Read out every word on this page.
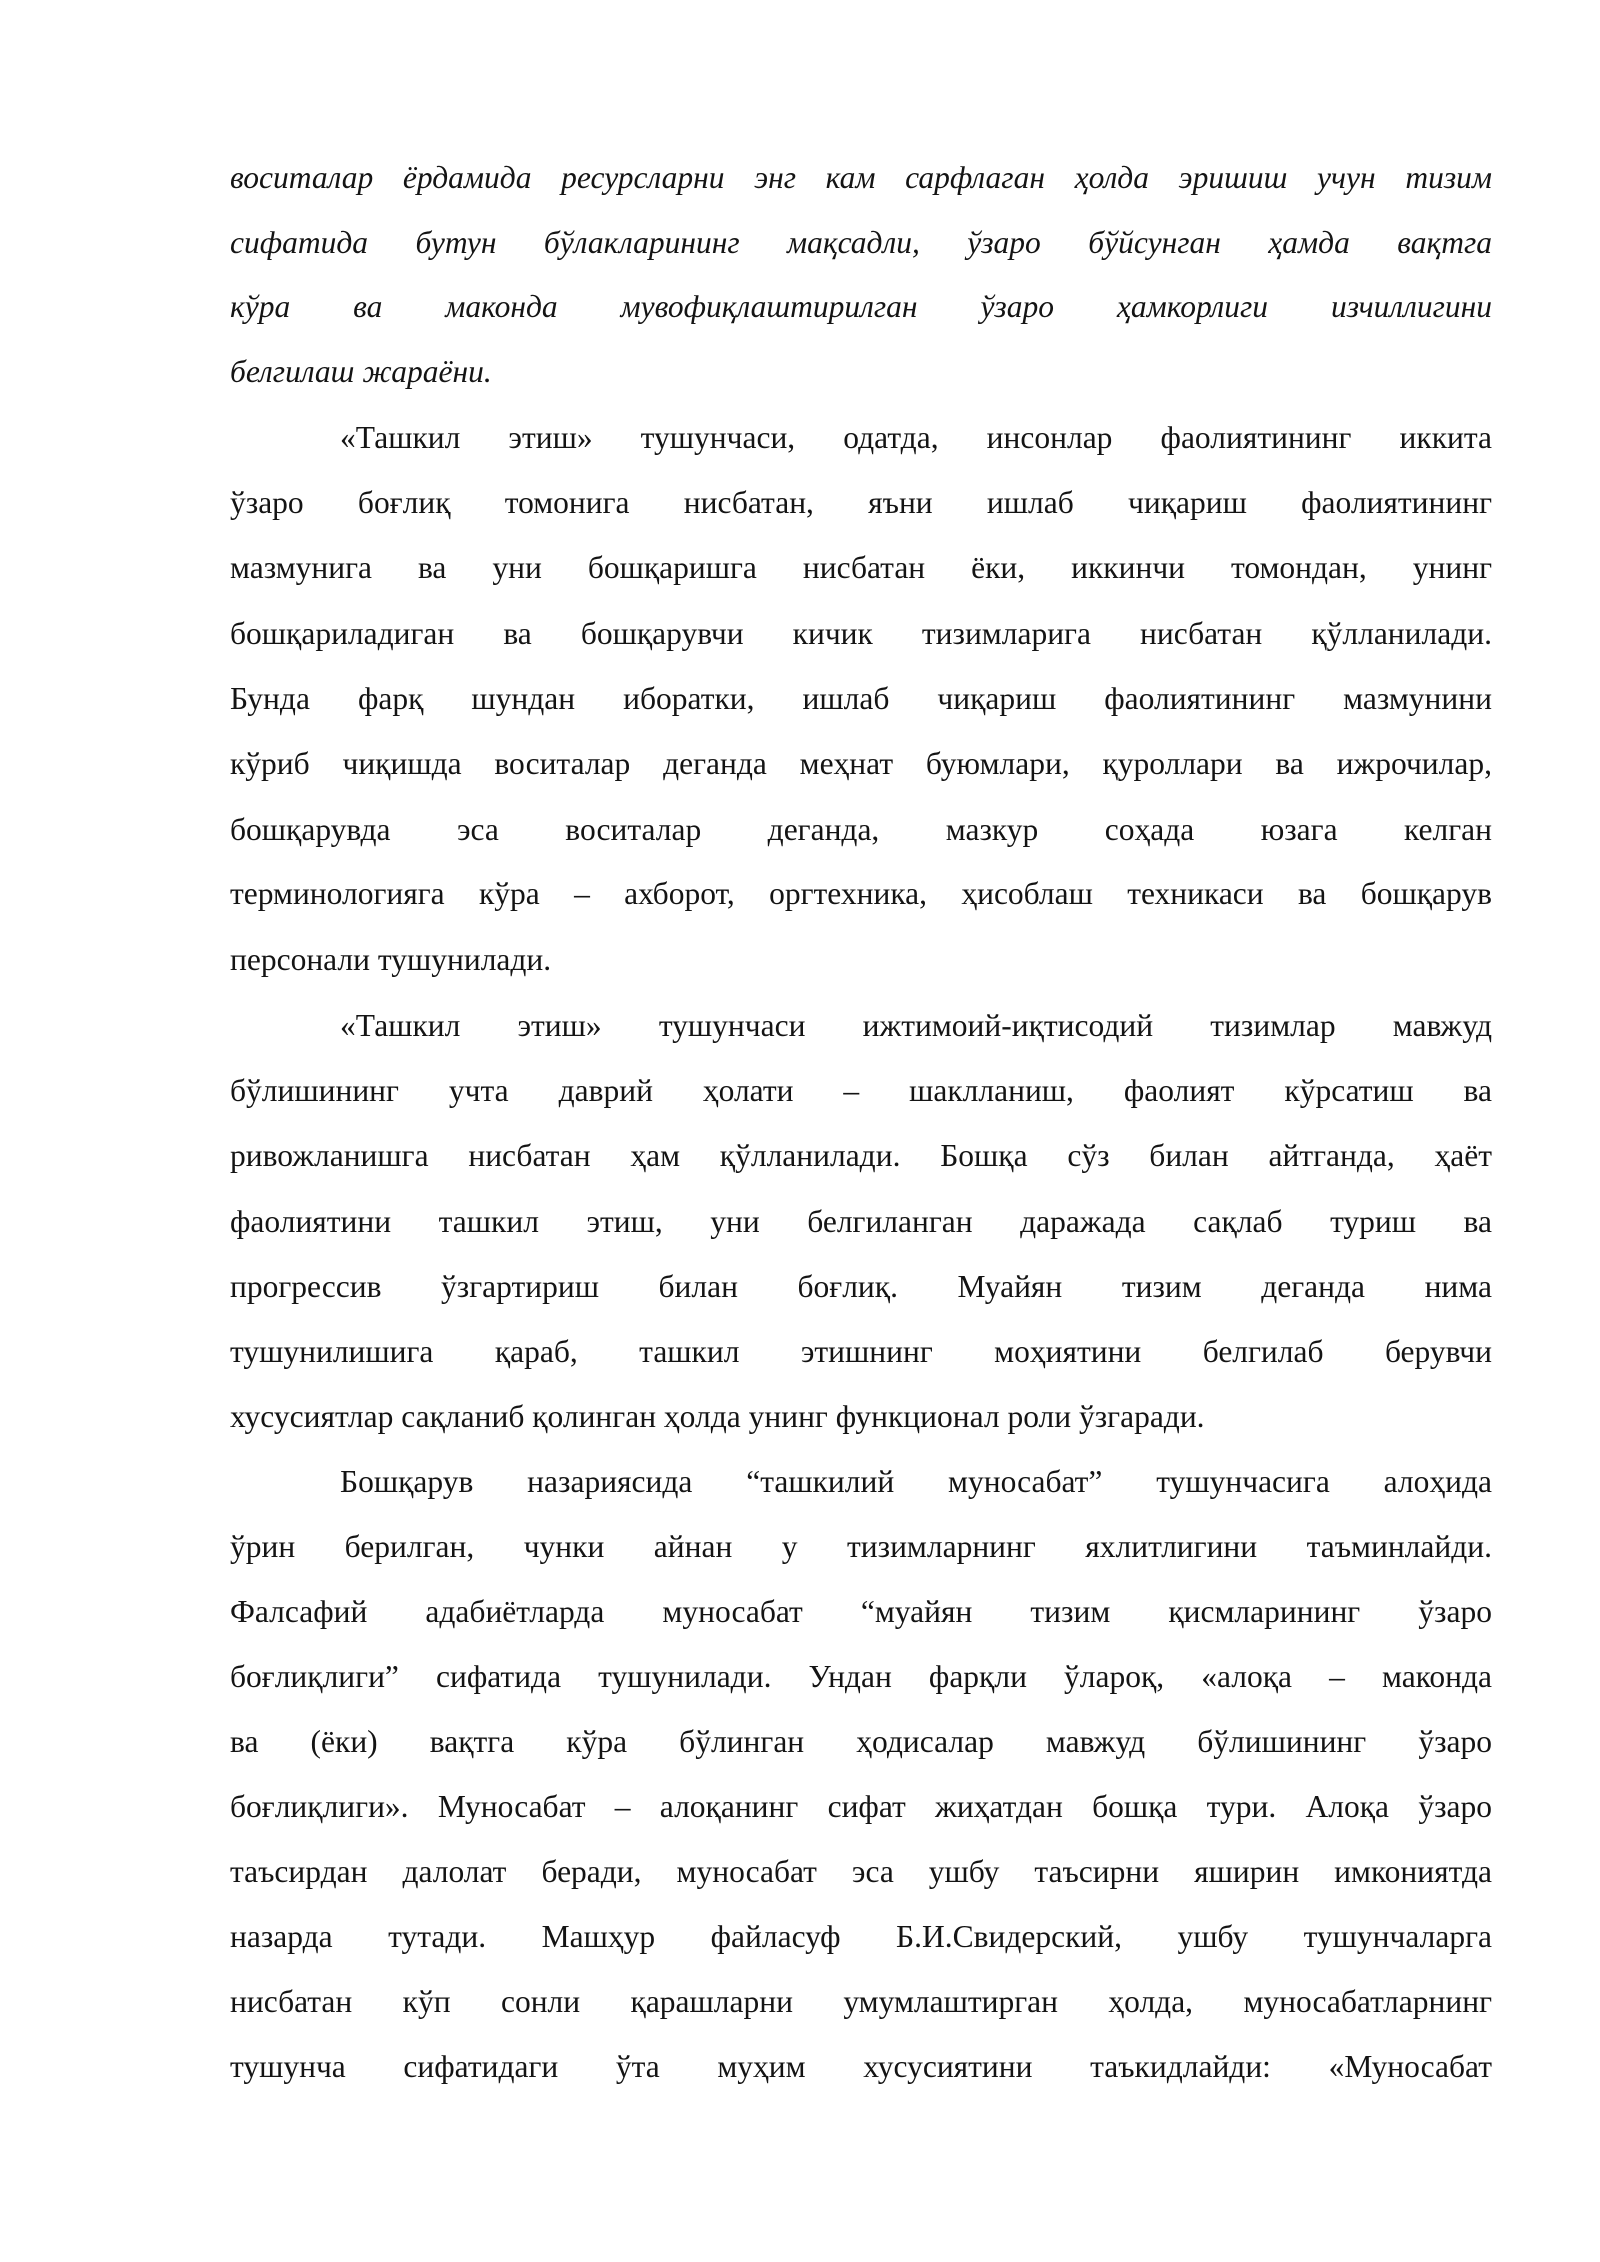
воситалар ёрдамида ресурсларни энг кам сарфлаган ҳолда эришиш учун тизим
сифатида бутун бўлакларининг мақсадли, ўзаро бўйсунган ҳамда вақтга
кўра ва маконда мувофиқлаштирилган ўзаро ҳамкорлиги изчиллигини
белгилаш жараёни.
«Ташкил этиш» тушунчаси, одатда, инсонлар фаолиятининг иккита
ўзаро боғлиқ томонига нисбатан, яъни ишлаб чиқариш фаолиятининг
мазмунига ва уни бошқаришга нисбатан ёки, иккинчи томондан, унинг
бошқариладиган ва бошқарувчи кичик тизимларига нисбатан қўлланилади.
Бунда фарқ шундан иборатки, ишлаб чиқариш фаолиятининг мазмунини
кўриб чиқишда воситалар деганда меҳнат буюмлари, қуроллари ва ижрочилар,
бошқарувда эса воситалар деганда, мазкур соҳада юзага келган
терминологияга кўра – ахборот, оргтехника, ҳисоблаш техникаси ва бошқарув
персонали тушунилади.
«Ташкил этиш» тушунчаси ижтимоий-иқтисодий тизимлар мавжуд
бўлишининг учта даврий ҳолати – шаклланиш, фаолият кўрсатиш ва
ривожланишга нисбатан ҳам қўлланилади. Бошқа сўз билан айтганда, ҳаёт
фаолиятини ташкил этиш, уни белгиланган даражада сақлаб туриш ва
прогрессив ўзгартириш билан боғлиқ. Муайян тизим деганда нима
тушунилишига қараб, ташкил этишнинг моҳиятини белгилаб берувчи
хусусиятлар сақланиб қолинган ҳолда унинг функционал роли ўзгаради.
Бошқарув назариясида “ташкилий муносабат” тушунчасига алоҳида
ўрин берилган, чунки айнан у тизимларнинг яхлитлигини таъминлайди.
Фалсафий адабиётларда муносабат “муайян тизим қисмларининг ўзаро
боғлиқлиги” сифатида тушунилади. Ундан фарқли ўлароқ, «алоқа – маконда
ва (ёки) вақтга кўра бўлинган ҳодисалар мавжуд бўлишининг ўзаро
боғлиқлиги». Муносабат – алоқанинг сифат жиҳатдан бошқа тури. Алоқа ўзаро
таъсирдан далолат беради, муносабат эса ушбу таъсирни яширин имкониятда
назарда тутади. Машҳур файласуф Б.И.Свидерский, ушбу тушунчаларга
нисбатан кўп сонли қарашларни умумлаштирган ҳолда, муносабатларнинг
тушунча сифатидаги ўта муҳим хусусиятини таъкидлайди: «Муносабат
